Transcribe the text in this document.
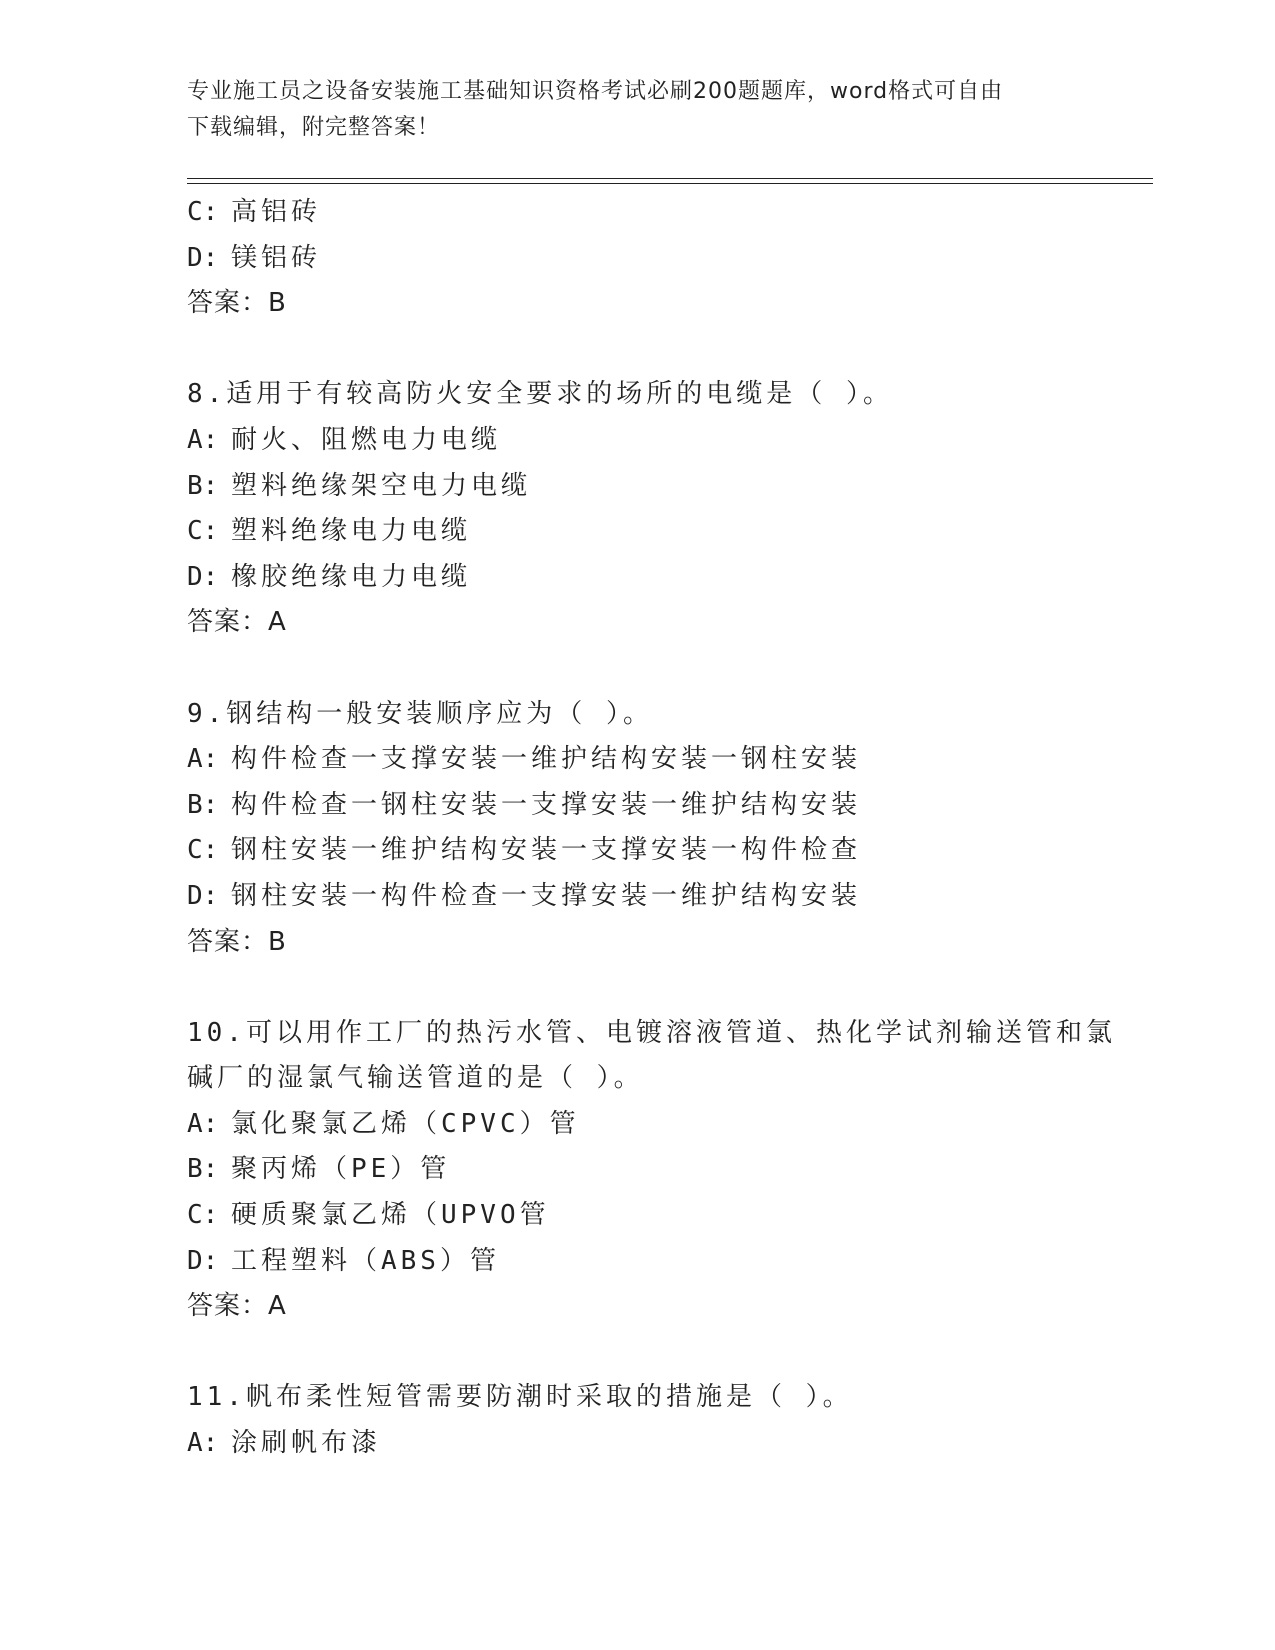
专业施工员之设备安装施工基础知识资格考试必刷200题题库，word格式可自由
下载编辑，附完整答案！
C: 高铝砖
D: 镁铝砖
答案：B
8.适用于有较高防火安全要求的场所的电缆是（ ）。
A: 耐火、阻燃电力电缆
B: 塑料绝缘架空电力电缆
C: 塑料绝缘电力电缆
D: 橡胶绝缘电力电缆
答案：A
9.钢结构一般安装顺序应为（ ）。
A: 构件检查一支撑安装一维护结构安装一钢柱安装
B: 构件检查一钢柱安装一支撑安装一维护结构安装
C: 钢柱安装一维护结构安装一支撑安装一构件检查
D: 钢柱安装一构件检查一支撑安装一维护结构安装
答案：B
10.可以用作工厂的热污水管、电镀溶液管道、热化学试剂输送管和氯
碱厂的湿氯气输送管道的是（ ）。
A: 氯化聚氯乙烯（CPVC）管
B: 聚丙烯（PE）管
C: 硬质聚氯乙烯（UPVO管
D: 工程塑料（ABS）管
答案：A
11.帆布柔性短管需要防潮时采取的措施是（ ）。
A: 涂刷帆布漆
